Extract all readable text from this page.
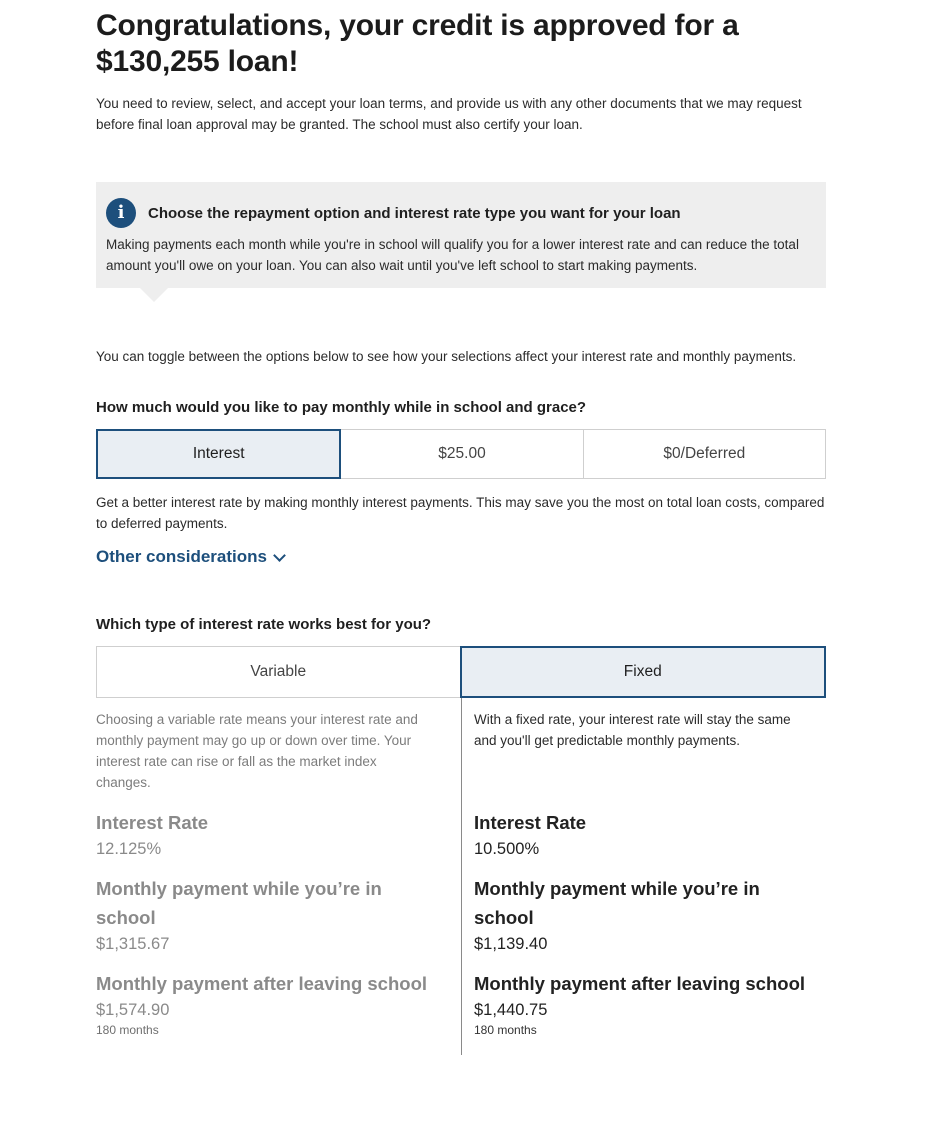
Congratulations, your credit is approved for a $130,255 loan!

You need to review, select, and accept your loan terms, and provide us with any other documents that we may request before final loan approval may be granted. The school must also certify your loan.

i	Choose the repayment option and interest rate type you want for your loan
Making payments each month while you're in school will qualify you for a lower interest rate and can reduce the total amount you'll owe on your loan. You can also wait until you've left school to start making payments.
You can toggle between the options below to see how your selections affect your interest rate and monthly payments.
How much would you like to pay monthly while in school and grace?
Interest	$25.00	$0/Deferred
Get a better interest rate by making monthly interest payments. This may save you the most on total loan costs, compared to deferred payments.
Other considerations
Which type of interest rate works best for you?
Variable	Fixed
Choosing a variable rate means your interest rate and monthly payment may go up or down over time. Your interest rate can rise or fall as the market index changes.
Interest Rate
12.125%
Monthly payment while you’re in school
$1,315.67
Monthly payment after leaving school
$1,574.90
180 months
With a fixed rate, your interest rate will stay the same and you'll get predictable monthly payments.
Interest Rate
10.500%
Monthly payment while you’re in school
$1,139.40
Monthly payment after leaving school
$1,440.75
180 months
